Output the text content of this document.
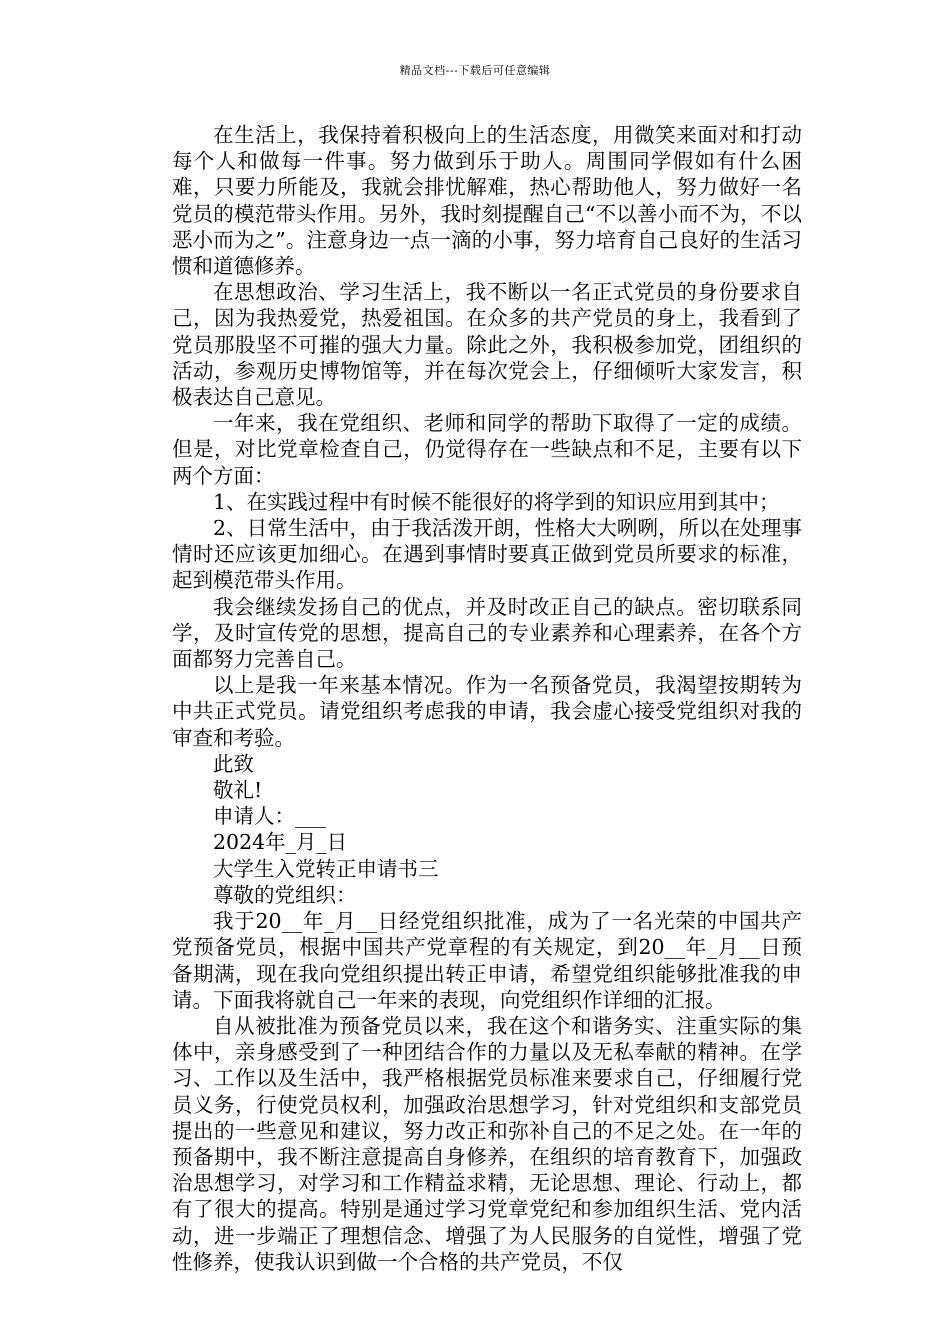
精品文档---下载后可任意编辑

在生活上，我保持着积极向上的生活态度，用微笑来面对和打动每个人和做每一件事。努力做到乐于助人。周围同学假如有什么困难，只要力所能及，我就会排忧解难，热心帮助他人，努力做好一名党员的模范带头作用。另外，我时刻提醒自己“不以善小而不为，不以恶小而为之”。注意身边一点一滴的小事，努力培育自己良好的生活习惯和道德修养。

在思想政治、学习生活上，我不断以一名正式党员的身份要求自己，因为我热爱党，热爱祖国。在众多的共产党员的身上，我看到了党员那股坚不可摧的强大力量。除此之外，我积极参加党，团组织的活动，参观历史博物馆等，并在每次党会上，仔细倾听大家发言，积极表达自己意见。

一年来，我在党组织、老师和同学的帮助下取得了一定的成绩。但是，对比党章检查自己，仍觉得存在一些缺点和不足，主要有以下两个方面：

1、在实践过程中有时候不能很好的将学到的知识应用到其中；

2、日常生活中，由于我活泼开朗，性格大大咧咧，所以在处理事情时还应该更加细心。在遇到事情时要真正做到党员所要求的标准，起到模范带头作用。

我会继续发扬自己的优点，并及时改正自己的缺点。密切联系同学，及时宣传党的思想，提高自己的专业素养和心理素养，在各个方面都努力完善自己。

以上是我一年来基本情况。作为一名预备党员，我渴望按期转为中共正式党员。请党组织考虑我的申请，我会虚心接受党组织对我的审查和考验。

此致

敬礼!

申请人：___

2024年_月_日

大学生入党转正申请书三

尊敬的党组织：

我于20__年_月__日经党组织批准，成为了一名光荣的中国共产党预备党员，根据中国共产党章程的有关规定，到20__年_月__日预备期满，现在我向党组织提出转正申请，希望党组织能够批准我的申请。下面我将就自己一年来的表现，向党组织作详细的汇报。

自从被批准为预备党员以来，我在这个和谐务实、注重实际的集体中，亲身感受到了一种团结合作的力量以及无私奉献的精神。在学习、工作以及生活中，我严格根据党员标准来要求自己，仔细履行党员义务，行使党员权利，加强政治思想学习，针对党组织和支部党员提出的一些意见和建议，努力改正和弥补自己的不足之处。在一年的预备期中，我不断注意提高自身修养，在组织的培育教育下，加强政治思想学习，对学习和工作精益求精，无论思想、理论、行动上，都有了很大的提高。特别是通过学习党章党纪和参加组织生活、党内活动，进一步端正了理想信念、增强了为人民服务的自觉性，增强了党性修养，使我认识到做一个合格的共产党员，不仅
